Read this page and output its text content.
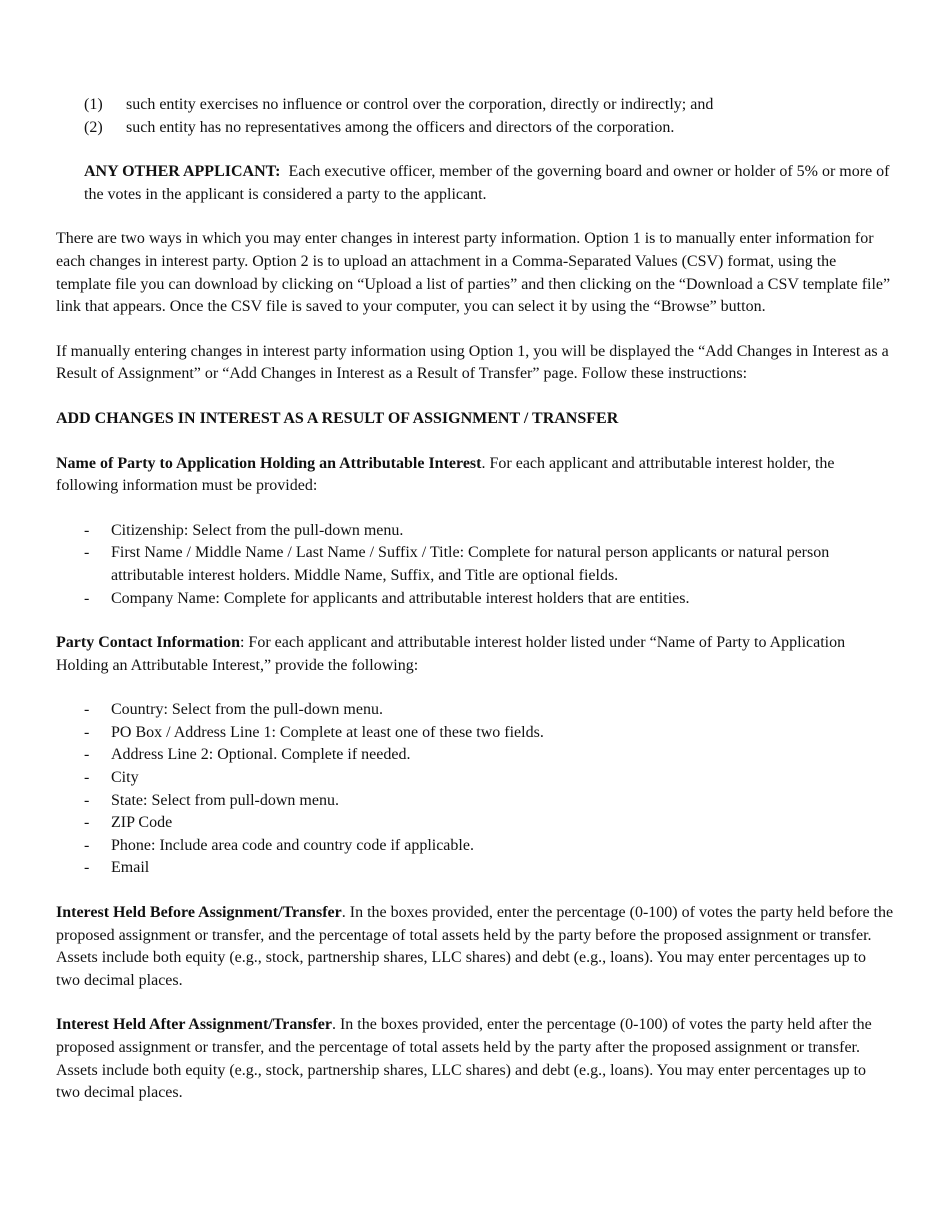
(1) such entity exercises no influence or control over the corporation, directly or indirectly; and
(2) such entity has no representatives among the officers and directors of the corporation.

ANY OTHER APPLICANT: Each executive officer, member of the governing board and owner or holder of 5% or more of the votes in the applicant is considered a party to the applicant.

There are two ways in which you may enter changes in interest party information. Option 1 is to manually enter information for each changes in interest party. Option 2 is to upload an attachment in a Comma-Separated Values (CSV) format, using the template file you can download by clicking on “Upload a list of parties” and then clicking on the “Download a CSV template file” link that appears. Once the CSV file is saved to your computer, you can select it by using the “Browse” button.

If manually entering changes in interest party information using Option 1, you will be displayed the “Add Changes in Interest as a Result of Assignment” or “Add Changes in Interest as a Result of Transfer” page. Follow these instructions:

ADD CHANGES IN INTEREST AS A RESULT OF ASSIGNMENT / TRANSFER

Name of Party to Application Holding an Attributable Interest. For each applicant and attributable interest holder, the following information must be provided:

- Citizenship: Select from the pull-down menu.
- First Name / Middle Name / Last Name / Suffix / Title: Complete for natural person applicants or natural person attributable interest holders. Middle Name, Suffix, and Title are optional fields.
- Company Name: Complete for applicants and attributable interest holders that are entities.

Party Contact Information: For each applicant and attributable interest holder listed under “Name of Party to Application Holding an Attributable Interest,” provide the following:

- Country: Select from the pull-down menu.
- PO Box / Address Line 1: Complete at least one of these two fields.
- Address Line 2: Optional. Complete if needed.
- City
- State: Select from pull-down menu.
- ZIP Code
- Phone: Include area code and country code if applicable.
- Email

Interest Held Before Assignment/Transfer. In the boxes provided, enter the percentage (0-100) of votes the party held before the proposed assignment or transfer, and the percentage of total assets held by the party before the proposed assignment or transfer. Assets include both equity (e.g., stock, partnership shares, LLC shares) and debt (e.g., loans). You may enter percentages up to two decimal places.

Interest Held After Assignment/Transfer. In the boxes provided, enter the percentage (0-100) of votes the party held after the proposed assignment or transfer, and the percentage of total assets held by the party after the proposed assignment or transfer. Assets include both equity (e.g., stock, partnership shares, LLC shares) and debt (e.g., loans). You may enter percentages up to two decimal places.
